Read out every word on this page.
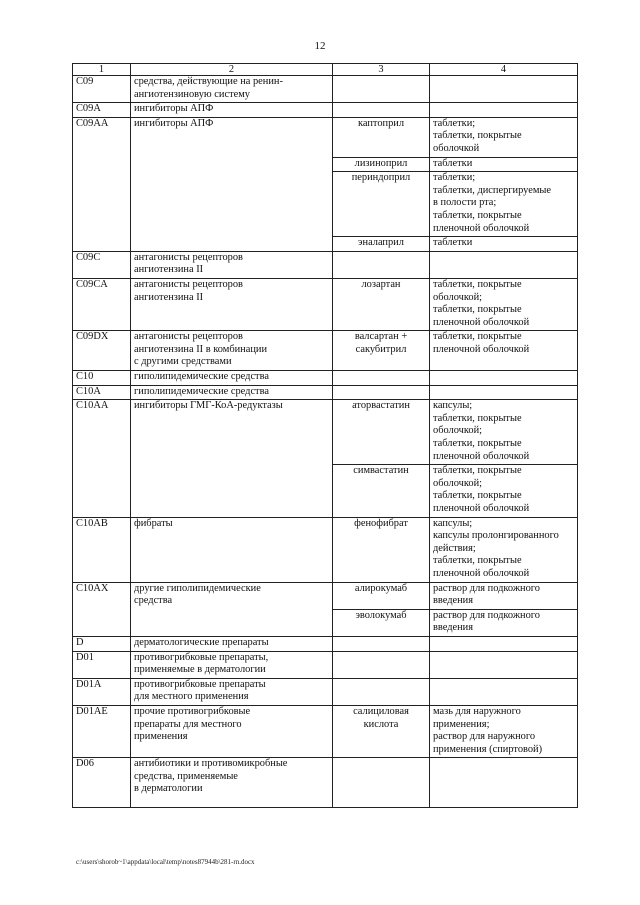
12
1	2	3	4
C09	средства, действующие на ренин-
ангиотензиновую систему		

C09A	ингибиторы АПФ		

C09AA	ингибиторы АПФ	каптоприл	таблетки;
таблетки, покрытые
оболочкой

		лизиноприл	таблетки

		периндоприл	таблетки;
таблетки, диспергируемые
в полости рта;
таблетки, покрытые
пленочной оболочкой

		эналаприл	таблетки

C09C	антагонисты рецепторов
ангиотензина II		

C09CA	антагонисты рецепторов
ангиотензина II	лозартан	таблетки, покрытые
оболочкой;
таблетки, покрытые
пленочной оболочкой

C09DX	антагонисты рецепторов
ангиотензина II в комбинации
с другими средствами	валсартан +
сакубитрил	таблетки, покрытые
пленочной оболочкой

C10	гиполипидемические средства		

C10A	гиполипидемические средства		

C10AA	ингибиторы ГМГ-КоА-редуктазы	аторвастатин	капсулы;
таблетки, покрытые
оболочкой;
таблетки, покрытые
пленочной оболочкой

		симвастатин	таблетки, покрытые
оболочкой;
таблетки, покрытые
пленочной оболочкой

C10AB	фибраты	фенофибрат	капсулы;
капсулы пролонгированного
действия;
таблетки, покрытые
пленочной оболочкой

C10AX	другие гиполипидемические
средства	алирокумаб	раствор для подкожного
введения

		эволокумаб	раствор для подкожного
введения

D	дерматологические препараты		

D01	противогрибковые препараты,
применяемые в дерматологии		

D01A	противогрибковые препараты
для местного применения		

D01AE	прочие противогрибковые
препараты для местного
применения	салициловая
кислота	мазь для наружного
применения;
раствор для наружного
применения (спиртовой)

D06	антибиотики и противомикробные
средства, применяемые
в дерматологии		

c:\users\shorob~1\appdata\local\temp\notes87944b\281-rn.docx
